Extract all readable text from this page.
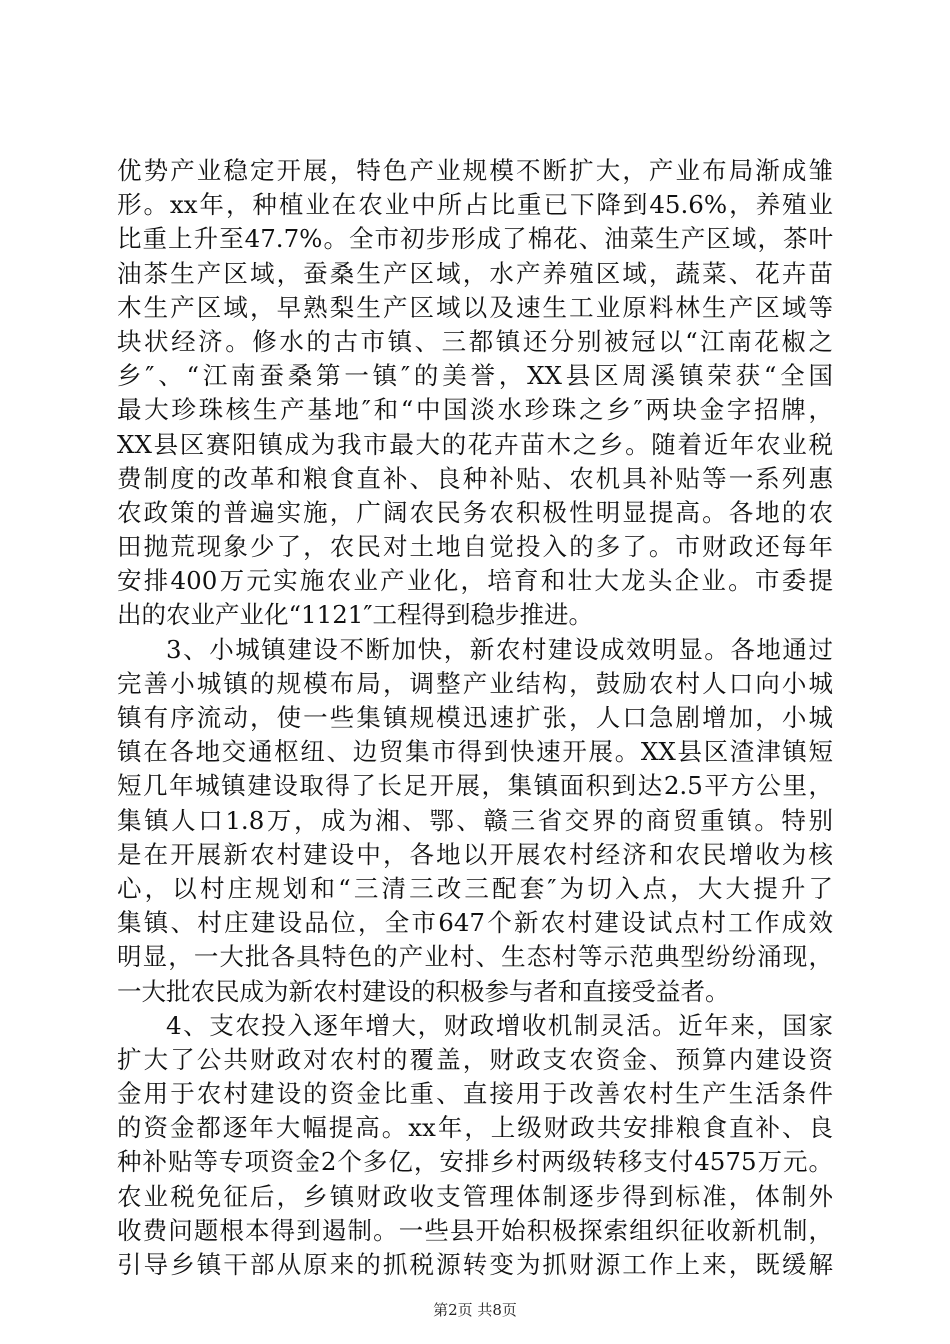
优势产业稳定开展，特色产业规模不断扩大，产业布局渐成雏
形。xx年，种植业在农业中所占比重已下降到45.6%，养殖业
比重上升至47.7%。全市初步形成了棉花、油菜生产区域，茶叶
油茶生产区域，蚕桑生产区域，水产养殖区域，蔬菜、花卉苗
木生产区域，早熟梨生产区域以及速生工业原料林生产区域等
块状经济。修水的古市镇、三都镇还分别被冠以“江南花椒之
乡″、“江南蚕桑第一镇″的美誉，XX县区周溪镇荣获“全国
最大珍珠核生产基地″和“中国淡水珍珠之乡″两块金字招牌，
XX县区赛阳镇成为我市最大的花卉苗木之乡。随着近年农业税
费制度的改革和粮食直补、良种补贴、农机具补贴等一系列惠
农政策的普遍实施，广阔农民务农积极性明显提高。各地的农
田抛荒现象少了，农民对土地自觉投入的多了。市财政还每年
安排400万元实施农业产业化，培育和壮大龙头企业。市委提
出的农业产业化“1121″工程得到稳步推进。
3、小城镇建设不断加快，新农村建设成效明显。各地通过
完善小城镇的规模布局，调整产业结构，鼓励农村人口向小城
镇有序流动，使一些集镇规模迅速扩张，人口急剧增加，小城
镇在各地交通枢纽、边贸集市得到快速开展。XX县区渣津镇短
短几年城镇建设取得了长足开展，集镇面积到达2.5平方公里，
集镇人口1.8万，成为湘、鄂、赣三省交界的商贸重镇。特别
是在开展新农村建设中，各地以开展农村经济和农民增收为核
心，以村庄规划和“三清三改三配套″为切入点，大大提升了
集镇、村庄建设品位，全市647个新农村建设试点村工作成效
明显，一大批各具特色的产业村、生态村等示范典型纷纷涌现，
一大批农民成为新农村建设的积极参与者和直接受益者。
4、支农投入逐年增大，财政增收机制灵活。近年来，国家
扩大了公共财政对农村的覆盖，财政支农资金、预算内建设资
金用于农村建设的资金比重、直接用于改善农村生产生活条件
的资金都逐年大幅提高。xx年，上级财政共安排粮食直补、良
种补贴等专项资金2个多亿，安排乡村两级转移支付4575万元。
农业税免征后，乡镇财政收支管理体制逐步得到标准，体制外
收费问题根本得到遏制。一些县开始积极探索组织征收新机制，
引导乡镇干部从原来的抓税源转变为抓财源工作上来，既缓解
第2页 共8页
